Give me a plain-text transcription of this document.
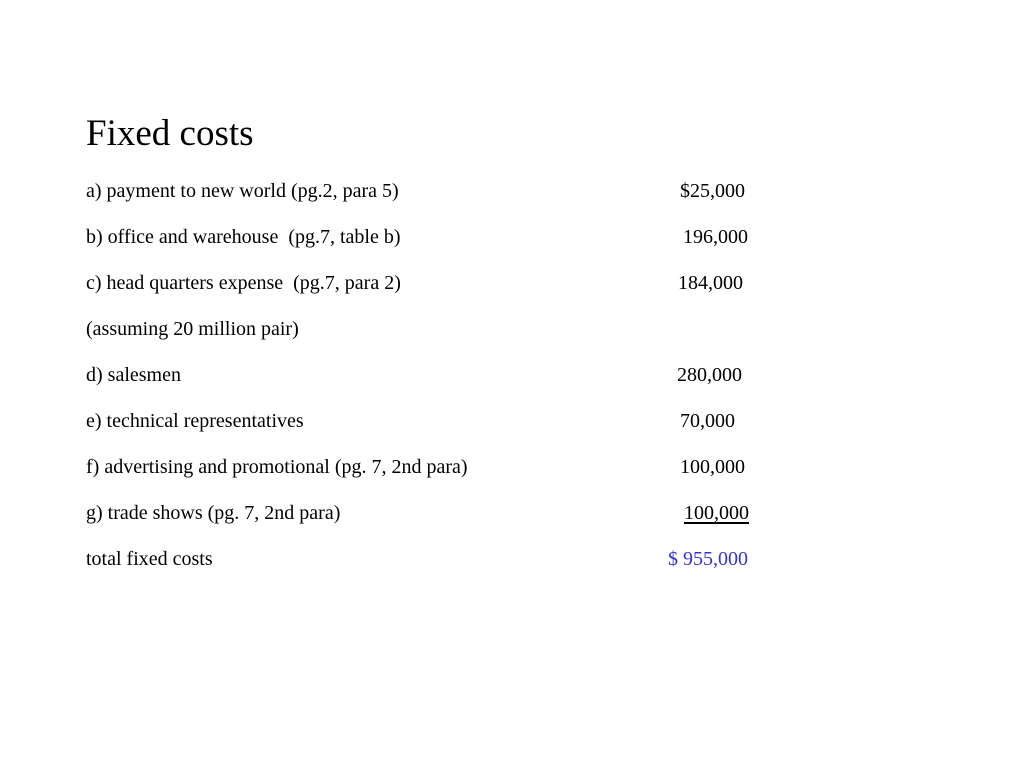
Fixed costs
a) payment to new world (pg.2, para 5)	$25,000
b) office and warehouse  (pg.7, table b)	196,000
c) head quarters expense  (pg.7, para 2)	184,000
(assuming 20 million pair)
d) salesmen	280,000
e) technical representatives	70,000
f) advertising and promotional (pg. 7, 2nd para)	100,000
g) trade shows (pg. 7, 2nd para)	100,000
total fixed costs	$ 955,000
